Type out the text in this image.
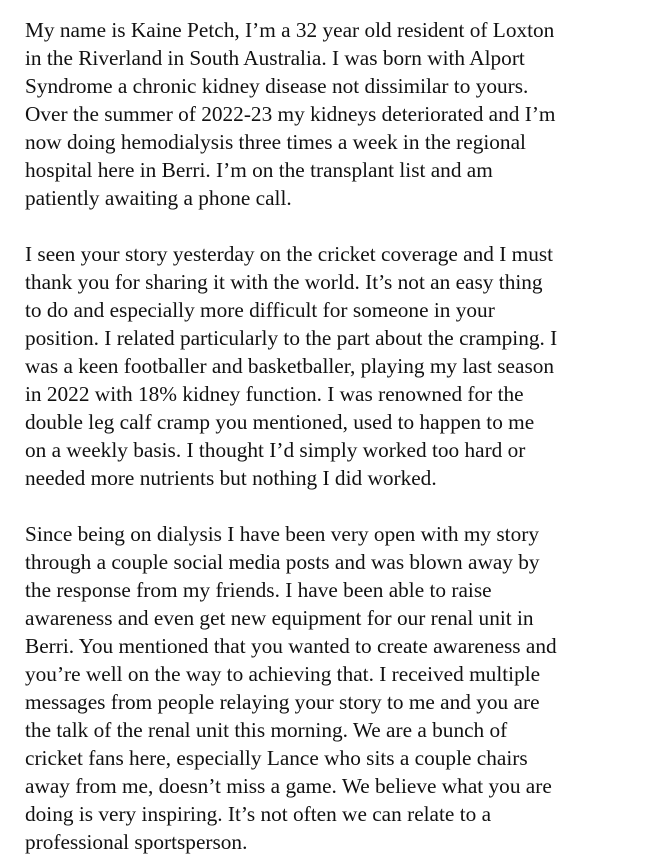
My name is Kaine Petch, I’m a 32 year old resident of Loxton
in the Riverland in South Australia. I was born with Alport
Syndrome a chronic kidney disease not dissimilar to yours.
Over the summer of 2022-23 my kidneys deteriorated and I’m
now doing hemodialysis three times a week in the regional
hospital here in Berri. I’m on the transplant list and am
patiently awaiting a phone call.

I seen your story yesterday on the cricket coverage and I must
thank you for sharing it with the world. It’s not an easy thing
to do and especially more difficult for someone in your
position. I related particularly to the part about the cramping. I
was a keen footballer and basketballer, playing my last season
in 2022 with 18% kidney function. I was renowned for the
double leg calf cramp you mentioned, used to happen to me
on a weekly basis. I thought I’d simply worked too hard or
needed more nutrients but nothing I did worked.

Since being on dialysis I have been very open with my story
through a couple social media posts and was blown away by
the response from my friends. I have been able to raise
awareness and even get new equipment for our renal unit in
Berri. You mentioned that you wanted to create awareness and
you’re well on the way to achieving that. I received multiple
messages from people relaying your story to me and you are
the talk of the renal unit this morning. We are a bunch of
cricket fans here, especially Lance who sits a couple chairs
away from me, doesn’t miss a game. We believe what you are
doing is very inspiring. It’s not often we can relate to a
professional sportsperson.
